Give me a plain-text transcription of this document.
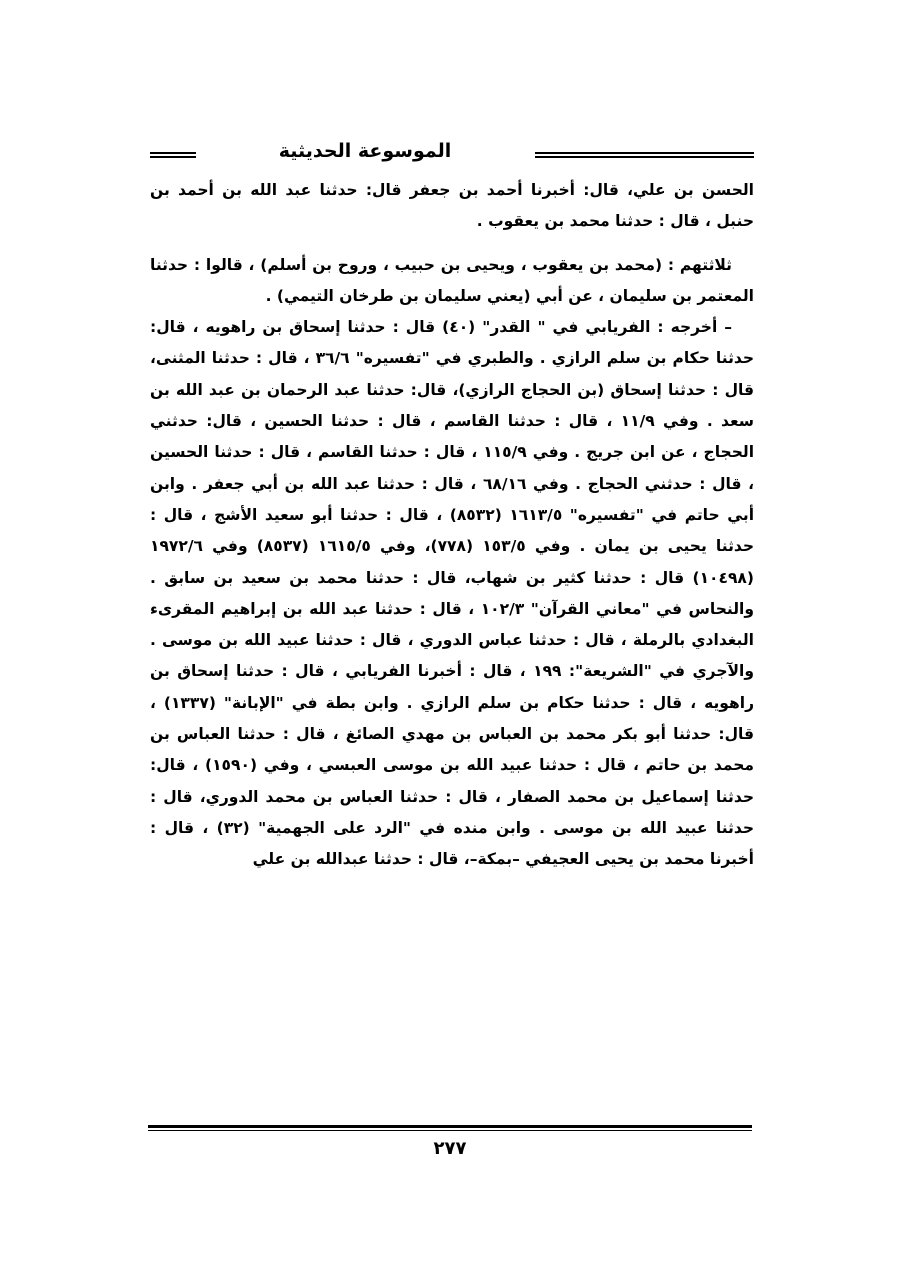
الموسوعة الحديثية

الحسن بن علي، قال: أخبرنا أحمد بن جعفر قال: حدثنا عبد الله بن أحمد بن حنبل ، قال : حدثنا محمد بن يعقوب .

ثلاثتهم : (محمد بن يعقوب ، ويحيى بن حبيب ، وروح بن أسلم) ، قالوا : حدثنا المعتمر بن سليمان ، عن أبي (يعني سليمان بن طرخان التيمي) .

– أخرجه : الفريابي في " القدر" (٤٠) قال : حدثنا إسحاق بن راهويه ، قال: حدثنا حكام بن سلم الرازي . والطبري في "تفسيره" ٣٦/٦ ، قال : حدثنا المثنى، قال : حدثنا إسحاق (بن الحجاج الرازي)، قال: حدثنا عبد الرحمان بن عبد الله بن سعد . وفي ١١/٩ ، قال : حدثنا القاسم ، قال : حدثنا الحسين ، قال: حدثني الحجاج ، عن ابن جريج . وفي ١١٥/٩ ، قال : حدثنا القاسم ، قال : حدثنا الحسين ، قال : حدثني الحجاج . وفي ٦٨/١٦ ، قال : حدثنا عبد الله بن أبي جعفر . وابن أبي حاتم في "تفسيره" ١٦١٣/٥ (٨٥٣٢) ، قال : حدثنا أبو سعيد الأشج ، قال : حدثنا يحيى بن يمان . وفي ١٥٣/٥ (٧٧٨)، وفي ١٦١٥/٥ (٨٥٣٧) وفي ١٩٧٢/٦ (١٠٤٩٨) قال : حدثنا كثير بن شهاب، قال : حدثنا محمد بن سعيد بن سابق . والنحاس في "معاني القرآن" ١٠٢/٣ ، قال : حدثنا عبد الله بن إبراهيم المقرىء البغدادي بالرملة ، قال : حدثنا عباس الدوري ، قال : حدثنا عبيد الله بن موسى . والآجري في "الشريعة": ١٩٩ ، قال : أخبرنا الفريابي ، قال : حدثنا إسحاق بن راهويه ، قال : حدثنا حكام بن سلم الرازي . وابن بطة في "الإبانة" (١٣٣٧) ، قال: حدثنا أبو بكر محمد بن العباس بن مهدي الصائغ ، قال : حدثنا العباس بن محمد بن حاتم ، قال : حدثنا عبيد الله بن موسى العبسي ، وفي (١٥٩٠) ، قال: حدثنا إسماعيل بن محمد الصفار ، قال : حدثنا العباس بن محمد الدوري، قال : حدثنا عبيد الله بن موسى . وابن منده في "الرد على الجهمية" (٣٢) ، قال : أخبرنا محمد بن يحيى العجيفي –بمكة–، قال : حدثنا عبدالله بن علي

٢٧٧
